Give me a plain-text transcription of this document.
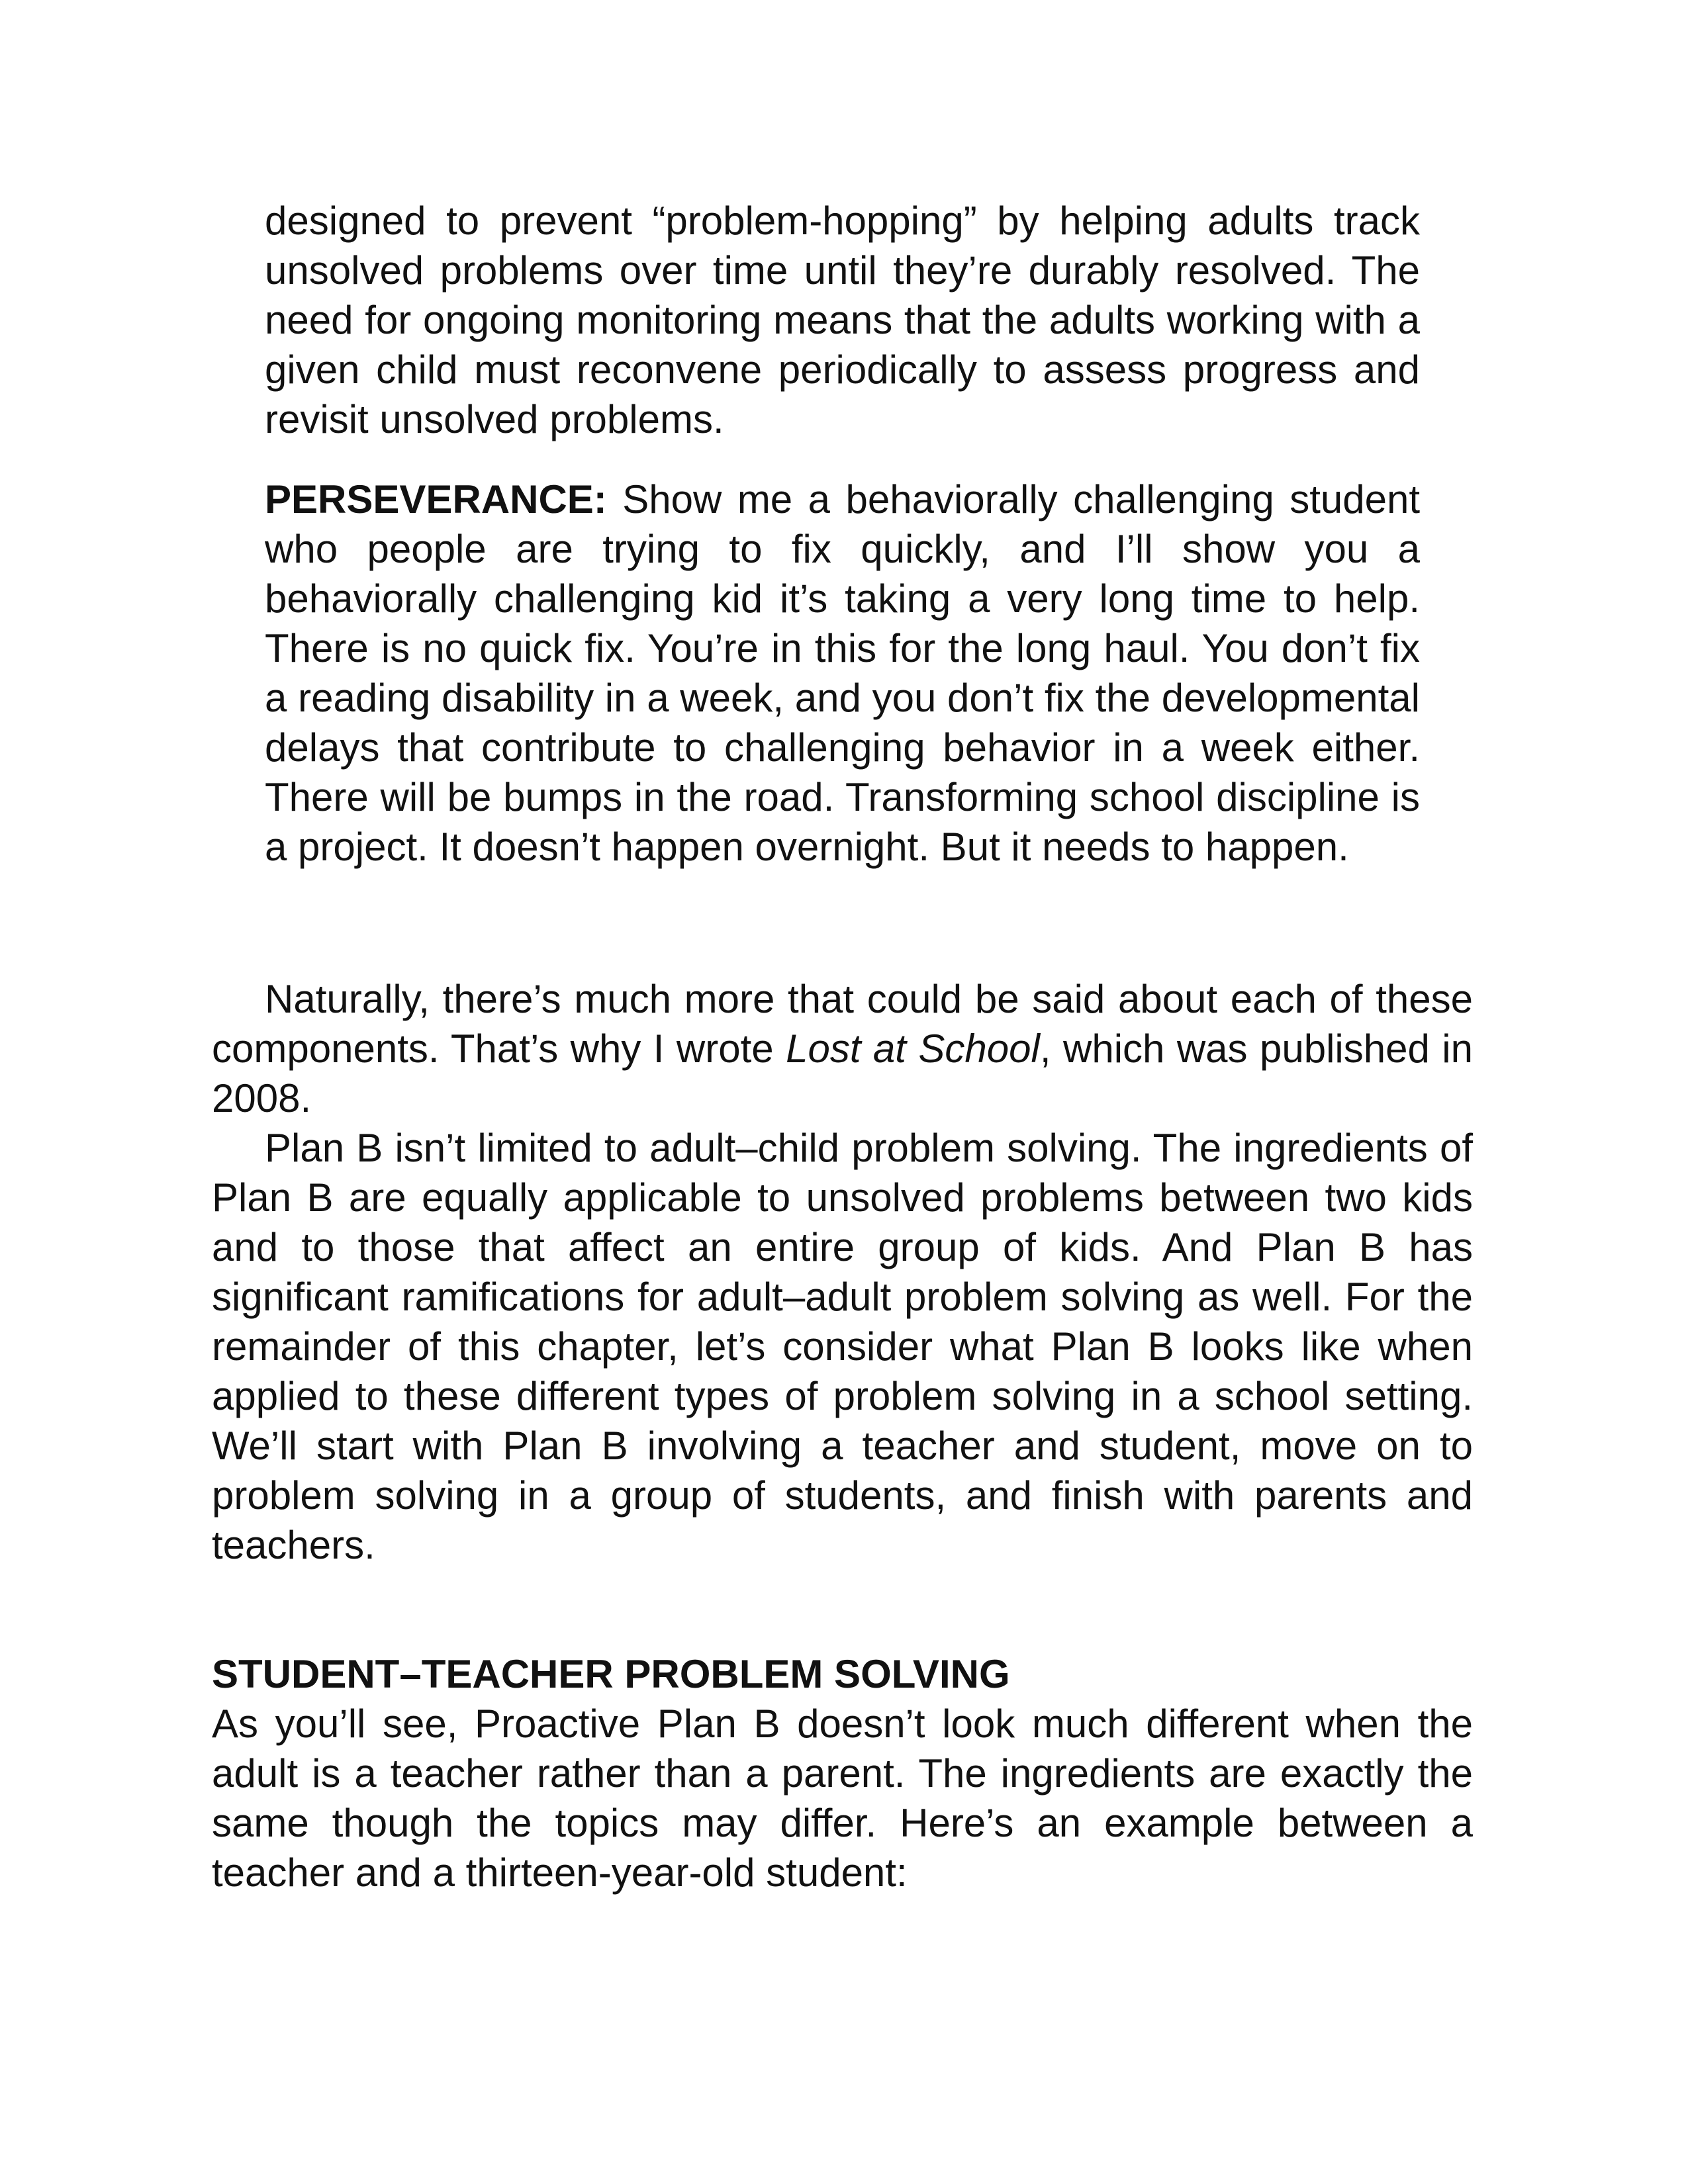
designed to prevent “problem-hopping” by helping adults track unsolved problems over time until they’re durably resolved. The need for ongoing monitoring means that the adults working with a given child must reconvene periodically to assess progress and revisit unsolved problems.

PERSEVERANCE: Show me a behaviorally challenging student who people are trying to fix quickly, and I’ll show you a behaviorally challenging kid it’s taking a very long time to help. There is no quick fix. You’re in this for the long haul. You don’t fix a reading disability in a week, and you don’t fix the developmental delays that contribute to challenging behavior in a week either. There will be bumps in the road. Transforming school discipline is a project. It doesn’t happen overnight. But it needs to happen.

Naturally, there’s much more that could be said about each of these components. That’s why I wrote Lost at School, which was published in 2008.

Plan B isn’t limited to adult–child problem solving. The ingredients of Plan B are equally applicable to unsolved problems between two kids and to those that affect an entire group of kids. And Plan B has significant ramifications for adult–adult problem solving as well. For the remainder of this chapter, let’s consider what Plan B looks like when applied to these different types of problem solving in a school setting. We’ll start with Plan B involving a teacher and student, move on to problem solving in a group of students, and finish with parents and teachers.

STUDENT–TEACHER PROBLEM SOLVING

As you’ll see, Proactive Plan B doesn’t look much different when the adult is a teacher rather than a parent. The ingredients are exactly the same though the topics may differ. Here’s an example between a teacher and a thirteen-year-old student:
